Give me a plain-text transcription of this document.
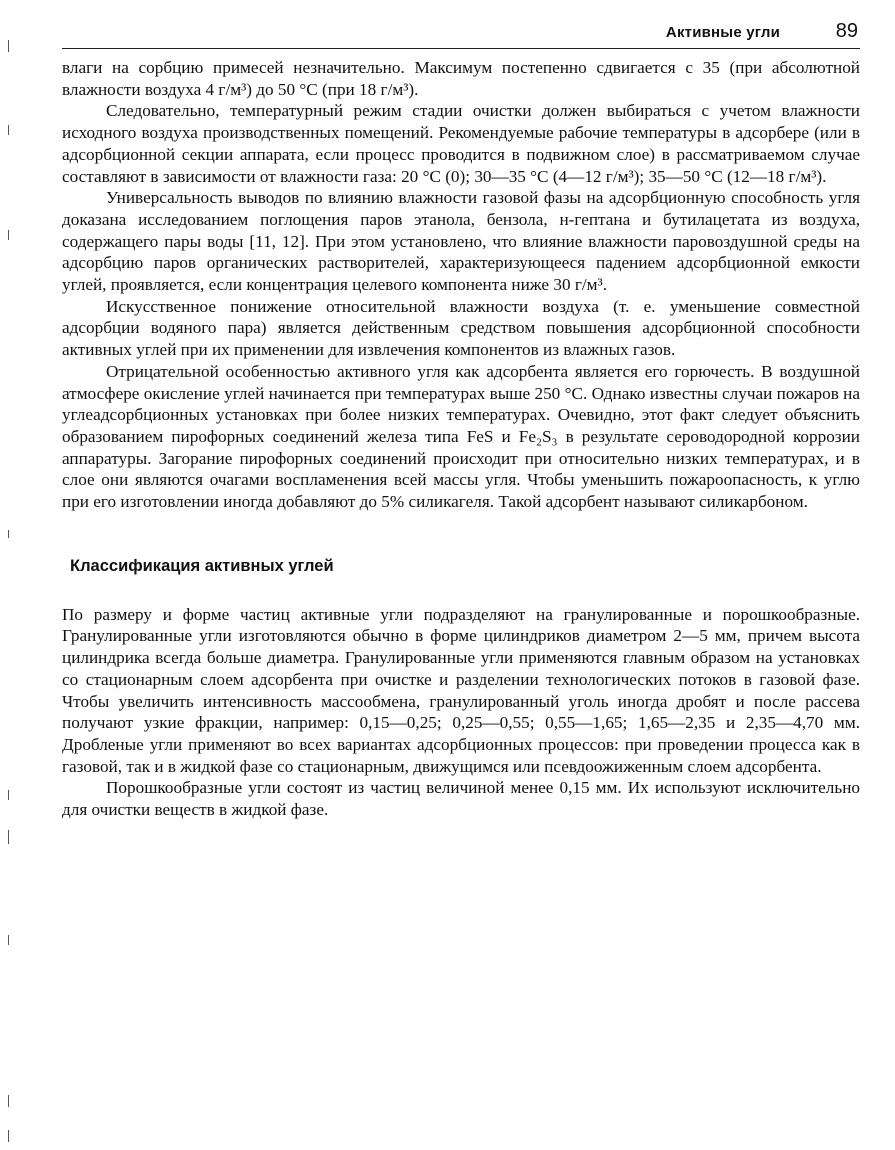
Активные угли	89

влаги на сорбцию примесей незначительно. Максимум постепенно сдвигается с 35 (при абсолютной влажности воздуха 4 г/м³) до 50 °С (при 18 г/м³).

Следовательно, температурный режим стадии очистки должен выбираться с учетом влажности исходного воздуха производственных помещений. Рекомендуемые рабочие температуры в адсорбере (или в адсорбционной секции аппарата, если процесс проводится в подвижном слое) в рассматриваемом случае составляют в зависимости от влажности газа: 20 °С (0); 30—35 °С (4—12 г/м³); 35—50 °С (12—18 г/м³).

Универсальность выводов по влиянию влажности газовой фазы на адсорбционную способность угля доказана исследованием поглощения паров этанола, бензола, н-гептана и бутилацетата из воздуха, содержащего пары воды [11, 12]. При этом установлено, что влияние влажности паровоздушной среды на адсорбцию паров органических растворителей, характеризующееся падением адсорбционной емкости углей, проявляется, если концентрация целевого компонента ниже 30 г/м³.

Искусственное понижение относительной влажности воздуха (т. е. уменьшение совместной адсорбции водяного пара) является действенным средством повышения адсорбционной способности активных углей при их применении для извлечения компонентов из влажных газов.

Отрицательной особенностью активного угля как адсорбента является его горючесть. В воздушной атмосфере окисление углей начинается при температурах выше 250 °С. Однако известны случаи пожаров на углеадсорбционных установках при более низких температурах. Очевидно, этот факт следует объяснить образованием пирофорных соединений железа типа FeS и Fe₂S₃ в результате сероводородной коррозии аппаратуры. Загорание пирофорных соединений происходит при относительно низких температурах, и в слое они являются очагами воспламенения всей массы угля. Чтобы уменьшить пожароопасность, к углю при его изготовлении иногда добавляют до 5% силикагеля. Такой адсорбент называют силикарбоном.

Классификация активных углей

По размеру и форме частиц активные угли подразделяют на гранулированные и порошкообразные. Гранулированные угли изготовляются обычно в форме цилиндриков диаметром 2—5 мм, причем высота цилиндрика всегда больше диаметра. Гранулированные угли применяются главным образом на установках со стационарным слоем адсорбента при очистке и разделении технологических потоков в газовой фазе. Чтобы увеличить интенсивность массообмена, гранулированный уголь иногда дробят и после рассева получают узкие фракции, например: 0,15—0,25; 0,25—0,55; 0,55—1,65; 1,65—2,35 и 2,35—4,70 мм. Дробленые угли применяют во всех вариантах адсорбционных процессов: при проведении процесса как в газовой, так и в жидкой фазе со стационарным, движущимся или псевдоожиженным слоем адсорбента.

Порошкообразные угли состоят из частиц величиной менее 0,15 мм. Их используют исключительно для очистки веществ в жидкой фазе.
